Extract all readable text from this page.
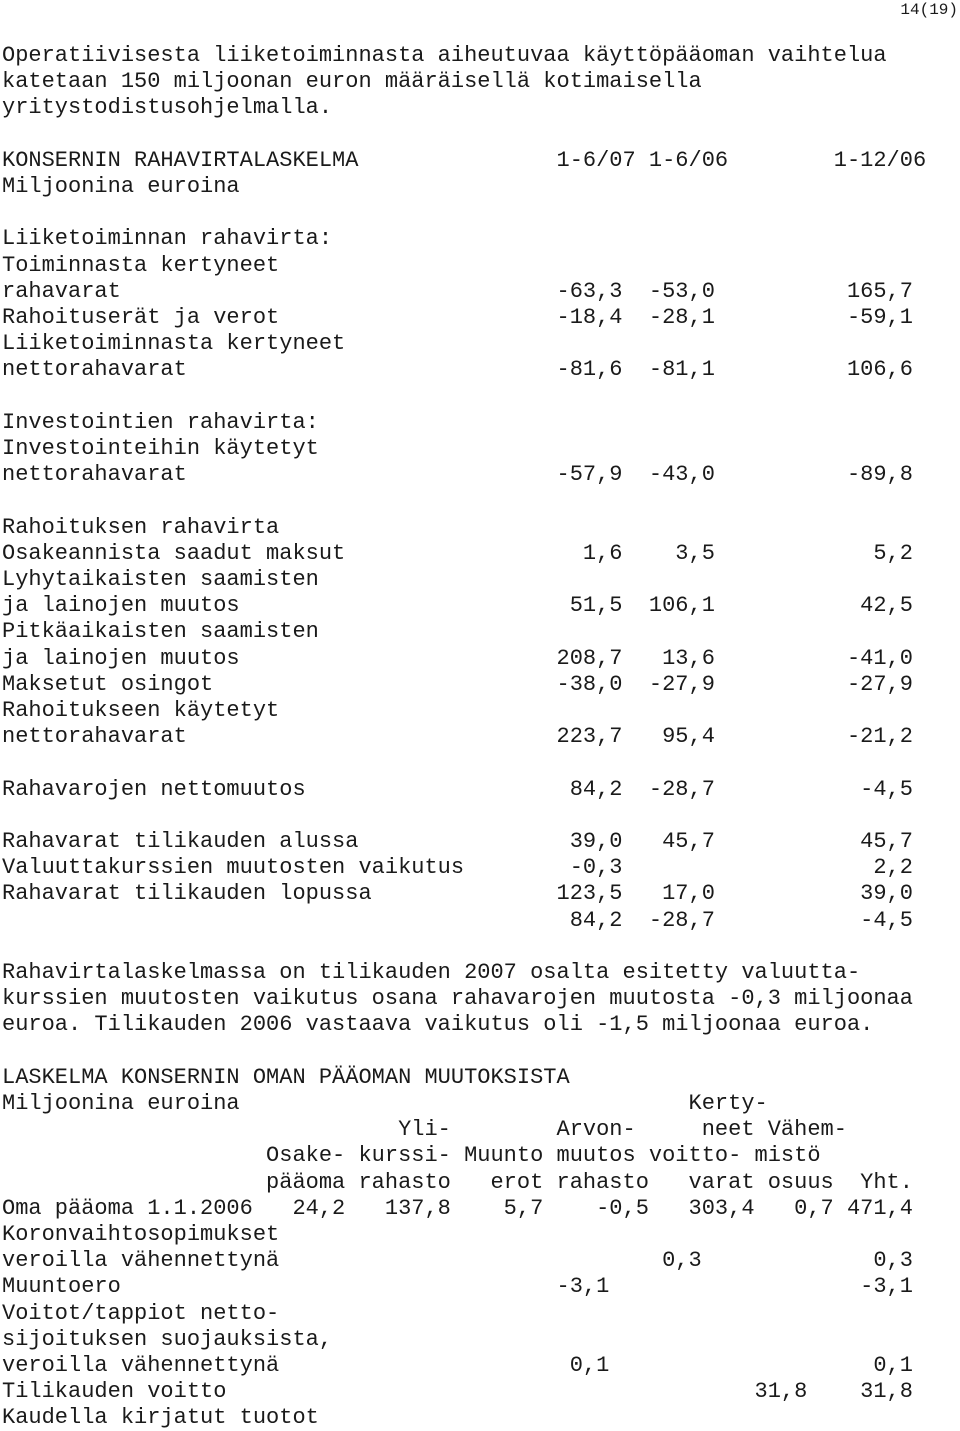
14(19)
Operatiivisesta liiketoiminnasta aiheutuvaa käyttöpääoman vaihtelua
katetaan 150 miljoonan euron määräisellä kotimaisella
yritystodistusohjelmalla.
KONSERNIN RAHAVIRTALASKELMA               1-6/07 1-6/06        1-12/06
Miljoonina euroina
Liiketoiminnan rahavirta:
Toiminnasta kertyneet
rahavarat                                 -63,3  -53,0          165,7
Rahoituserät ja verot                     -18,4  -28,1          -59,1
Liiketoiminnasta kertyneet
nettorahavarat                            -81,6  -81,1          106,6
Investointien rahavirta:
Investointeihin käytetyt
nettorahavarat                            -57,9  -43,0          -89,8
Rahoituksen rahavirta
Osakeannista saadut maksut                  1,6    3,5            5,2
Lyhytaikaisten saamisten
ja lainojen muutos                         51,5  106,1           42,5
Pitkäaikaisten saamisten
ja lainojen muutos                        208,7   13,6          -41,0
Maksetut osingot                          -38,0  -27,9          -27,9
Rahoitukseen käytetyt
nettorahavarat                            223,7   95,4          -21,2
Rahavarojen nettomuutos                    84,2  -28,7           -4,5
Rahavarat tilikauden alussa                39,0   45,7           45,7
Valuuttakurssien muutosten vaikutus        -0,3                   2,2
Rahavarat tilikauden lopussa              123,5   17,0           39,0
84,2  -28,7           -4,5
Rahavirtalaskelmassa on tilikauden 2007 osalta esitetty valuutta-
kurssien muutosten vaikutus osana rahavarojen muutosta -0,3 miljoonaa
euroa. Tilikauden 2006 vastaava vaikutus oli -1,5 miljoonaa euroa.
LASKELMA KONSERNIN OMAN PÄÄOMAN MUUTOKSISTA
Miljoonina euroina                                  Kerty-
Yli-        Arvon-     neet Vähem-
Osake- kurssi- Muunto muutos voitto- mistö
pääoma rahasto   erot rahasto   varat osuus  Yht.
Oma pääoma 1.1.2006   24,2   137,8    5,7    -0,5   303,4   0,7 471,4
Koronvaihtosopimukset
veroilla vähennettynä                             0,3             0,3
Muuntoero                                 -3,1                   -3,1
Voitot/tappiot netto-
sijoituksen suojauksista,
veroilla vähennettynä                      0,1                    0,1
Tilikauden voitto                                        31,8    31,8
Kaudella kirjatut tuotot
